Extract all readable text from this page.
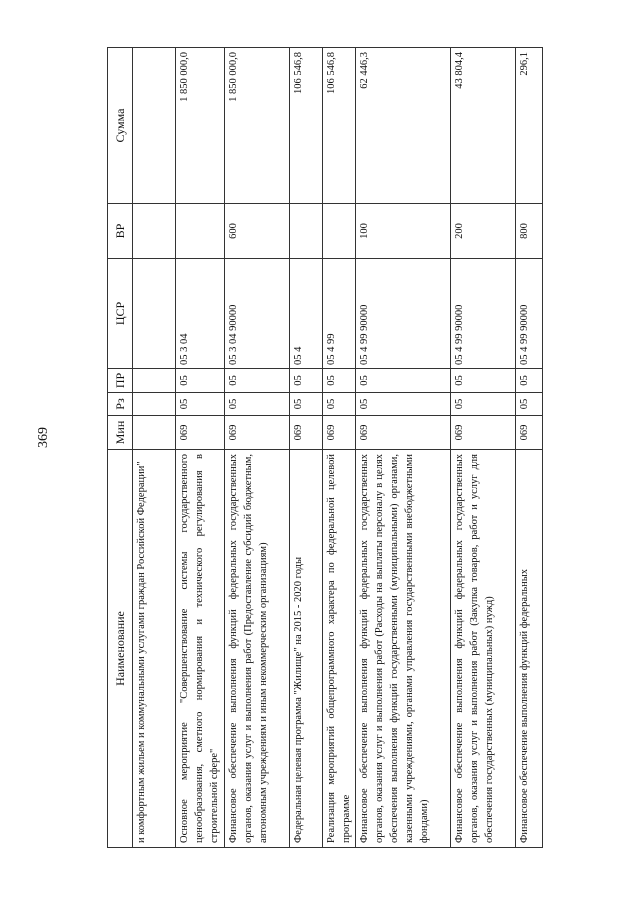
369
Наименование	Мин	Рз	ПР	ЦСР	ВР	Сумма
и комфортным жильем и коммунальными услугами граждан Российской Федерации"						
Основное мероприятие "Совершенствование системы государственного ценообразования, сметного нормирования и технического регулирования в строительной сфере"	069	05	05	05 3 04		1 850 000,0
Финансовое обеспечение выполнения функций федеральных государственных органов, оказания услуг и выполнения работ (Предоставление субсидий бюджетным, автономным учреждениям и иным некоммерческим организациям)	069	05	05	05 3 04 90000	600	1 850 000,0
Федеральная целевая программа "Жилище" на 2015 - 2020 годы	069	05	05	05 4		106 546,8
Реализация мероприятий общепрограммного характера по федеральной целевой программе	069	05	05	05 4 99		106 546,8
Финансовое обеспечение выполнения функций федеральных государственных органов, оказания услуг и выполнения работ (Расходы на выплаты персоналу в целях обеспечения выполнения функций государственными (муниципальными) органами, казенными учреждениями, органами управления государственными внебюджетными фондами)	069	05	05	05 4 99 90000	100	62 446,3
Финансовое обеспечение выполнения функций федеральных государственных органов, оказания услуг и выполнения работ (Закупка товаров, работ и услуг для обеспечения государственных (муниципальных) нужд)	069	05	05	05 4 99 90000	200	43 804,4
Финансовое обеспечение выполнения функций федеральных	069	05	05	05 4 99 90000	800	296,1
